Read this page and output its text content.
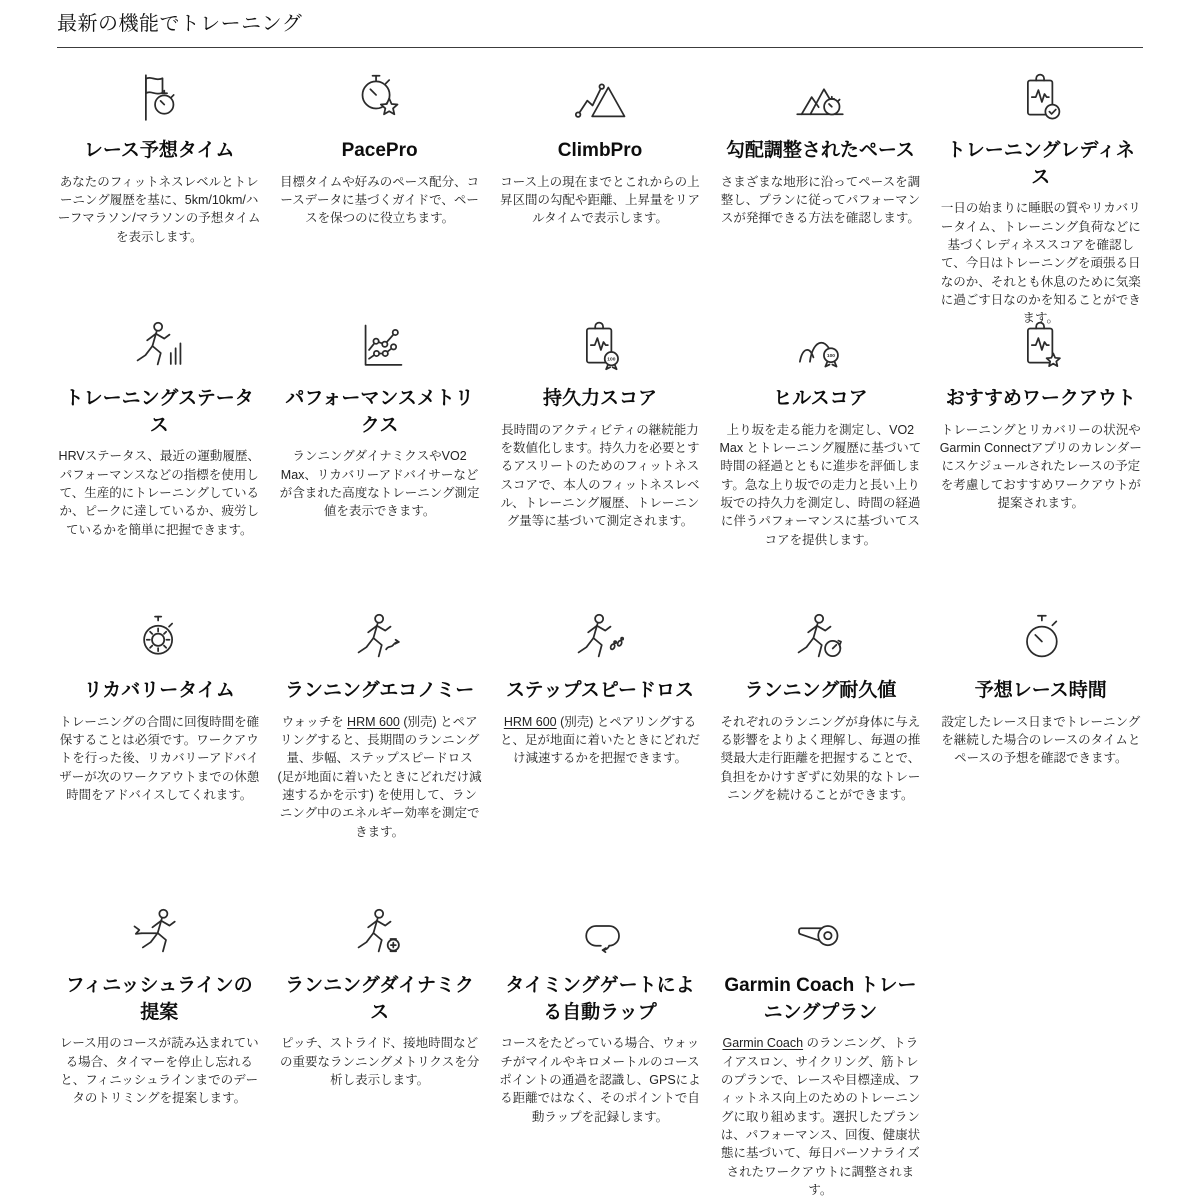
最新の機能でトレーニング
レース予想タイム

あなたのフィットネスレベルとトレーニング履歴を基に、5km/10km/ハーフマラソン/マラソンの予想タイムを表示します。

PacePro

目標タイムや好みのペース配分、コースデータに基づくガイドで、ペースを保つのに役立ちます。

ClimbPro

コース上の現在までとこれからの上昇区間の勾配や距離、上昇量をリアルタイムで表示します。

勾配調整されたペース

さまざまな地形に沿ってペースを調整し、プランに従ってパフォーマンスが発揮できる方法を確認します。

トレーニングレディネス

一日の始まりに睡眠の質やリカバリータイム、トレーニング負荷などに基づくレディネススコアを確認して、今日はトレーニングを頑張る日なのか、それとも休息のために気楽に過ごす日なのかを知ることができます。

トレーニングステータス

HRVステータス、最近の運動履歴、パフォーマンスなどの指標を使用して、生産的にトレーニングしているか、ピークに達しているか、疲労しているかを簡単に把握できます。

パフォーマンスメトリクス

ランニングダイナミクスやVO2 Max、リカバリーアドバイサーなどが含まれた高度なトレーニング測定値を表示できます。

持久力スコア

長時間のアクティビティの継続能力を数値化します。持久力を必要とするアスリートのためのフィットネススコアで、本人のフィットネスレベル、トレーニング履歴、トレーニング量等に基づいて測定されます。

ヒルスコア

上り坂を走る能力を測定し、VO2 Max とトレーニング履歴に基づいて時間の経過とともに進歩を評価します。急な上り坂での走力と長い上り坂での持久力を測定し、時間の経過に伴うパフォーマンスに基づいてスコアを提供します。

おすすめワークアウト

トレーニングとリカバリーの状況やGarmin Connectアプリのカレンダーにスケジュールされたレースの予定を考慮しておすすめワークアウトが提案されます。

リカバリータイム

トレーニングの合間に回復時間を確保することは必須です。ワークアウトを行った後、リカバリーアドバイザーが次のワークアウトまでの休憩時間をアドバイスしてくれます。

ランニングエコノミー

ウォッチを HRM 600 (別売) とペアリングすると、長期間のランニング量、歩幅、ステップスピードロス (足が地面に着いたときにどれだけ減速するかを示す) を使用して、ランニング中のエネルギー効率を測定できます。

ステップスピードロス

HRM 600 (別売) とペアリングすると、足が地面に着いたときにどれだけ減速するかを把握できます。

ランニング耐久値

それぞれのランニングが身体に与える影響をよりよく理解し、毎週の推奨最大走行距離を把握することで、負担をかけすぎずに効果的なトレーニングを続けることができます。

予想レース時間

設定したレース日までトレーニングを継続した場合のレースのタイムとペースの予想を確認できます。

フィニッシュラインの提案

レース用のコースが読み込まれている場合、タイマーを停止し忘れると、フィニッシュラインまでのデータのトリミングを提案します。

ランニングダイナミクス

ピッチ、ストライド、接地時間などの重要なランニングメトリクスを分析し表示します。

タイミングゲートによる自動ラップ

コースをたどっている場合、ウォッチがマイルやキロメートルのコースポイントの通過を認識し、GPSによる距離ではなく、そのポイントで自動ラップを記録します。

Garmin Coach トレーニングプラン

Garmin Coach のランニング、トライアスロン、サイクリング、筋トレのプランで、レースや目標達成、フィットネス向上のためのトレーニングに取り組めます。選択したプランは、パフォーマンス、回復、健康状態に基づいて、毎日パーソナライズされたワークアウトに調整されます。
